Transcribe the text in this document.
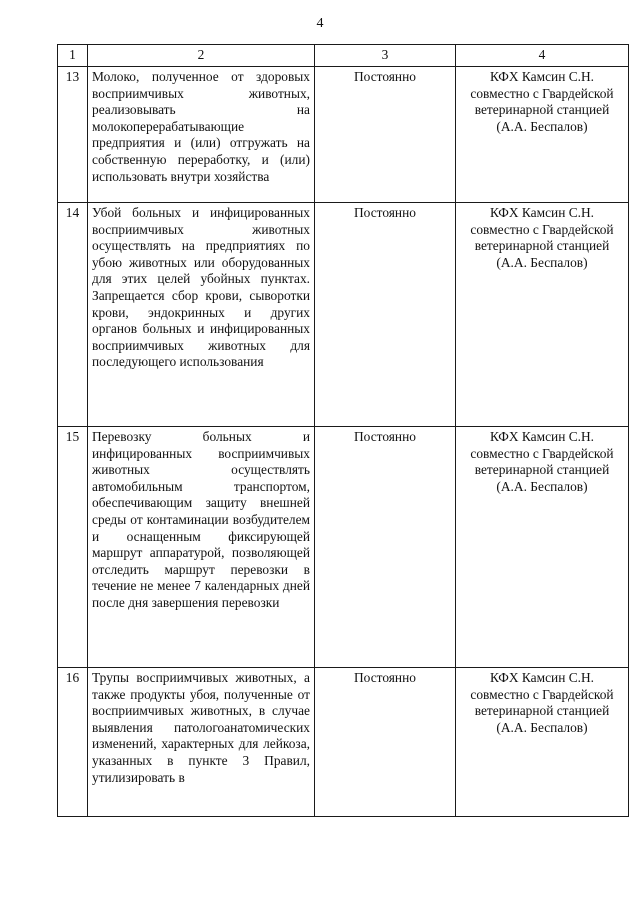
4
1	2	3	4
13	Молоко, полученное от здоровых восприимчивых животных, реализовывать на молокоперерабатывающие предприятия и (или) отгружать на собственную переработку, и (или) использовать внутри хозяйства	Постоянно	КФХ Камсин С.Н. совместно с Гвардейской ветеринарной станцией (А.А. Беспалов)
14	Убой больных и инфицированных восприимчивых животных осуществлять на предприятиях по убою животных или оборудованных для этих целей убойных пунктах. Запрещается сбор крови, сыворотки крови, эндокринных и других органов больных и инфицированных восприимчивых животных для последующего использования	Постоянно	КФХ Камсин С.Н. совместно с Гвардейской ветеринарной станцией (А.А. Беспалов)
15	Перевозку больных и инфицированных восприимчивых животных осуществлять автомобильным транспортом, обеспечивающим защиту внешней среды от контаминации возбудителем и оснащенным фиксирующей маршрут аппаратурой, позволяющей отследить маршрут перевозки в течение не менее 7 календарных дней после дня завершения перевозки	Постоянно	КФХ Камсин С.Н. совместно с Гвардейской ветеринарной станцией (А.А. Беспалов)
16	Трупы восприимчивых животных, а также продукты убоя, полученные от восприимчивых животных, в случае выявления патологоанатомических изменений, характерных для лейкоза, указанных в пункте 3 Правил, утилизировать в	Постоянно	КФХ Камсин С.Н. совместно с Гвардейской ветеринарной станцией (А.А. Беспалов)
